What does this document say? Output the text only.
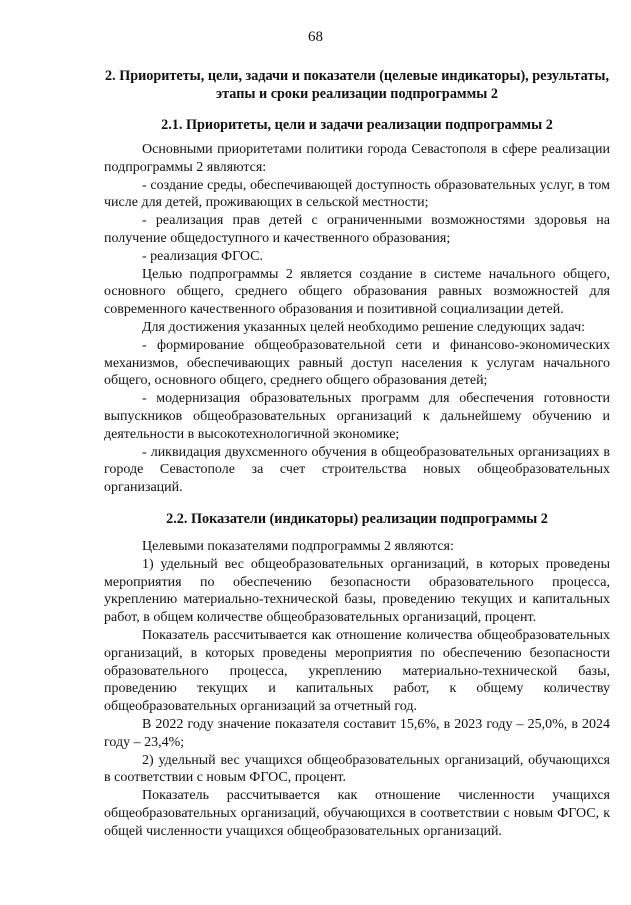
68
2. Приоритеты, цели, задачи и показатели (целевые индикаторы), результаты, этапы и сроки реализации подпрограммы 2
2.1. Приоритеты, цели и задачи реализации подпрограммы 2

Основными приоритетами политики города Севастополя в сфере реализации подпрограммы 2 являются:

- создание среды, обеспечивающей доступность образовательных услуг, в том числе для детей, проживающих в сельской местности;

- реализация прав детей с ограниченными возможностями здоровья на получение общедоступного и качественного образования;

- реализация ФГОС.

Целью подпрограммы 2 является создание в системе начального общего, основного общего, среднего общего образования равных возможностей для современного качественного образования и позитивной социализации детей.

Для достижения указанных целей необходимо решение следующих задач:

- формирование общеобразовательной сети и финансово-экономических механизмов, обеспечивающих равный доступ населения к услугам начального общего, основного общего, среднего общего образования детей;

- модернизация образовательных программ для обеспечения готовности выпускников общеобразовательных организаций к дальнейшему обучению и деятельности в высокотехнологичной экономике;

- ликвидация двухсменного обучения в общеобразовательных организациях в городе Севастополе за счет строительства новых общеобразовательных организаций.

2.2. Показатели (индикаторы) реализации подпрограммы 2

Целевыми показателями подпрограммы 2 являются:

1) удельный вес общеобразовательных организаций, в которых проведены мероприятия по обеспечению безопасности образовательного процесса, укреплению материально-технической базы, проведению текущих и капитальных работ, в общем количестве общеобразовательных организаций, процент.

Показатель рассчитывается как отношение количества общеобразовательных организаций, в которых проведены мероприятия по обеспечению безопасности образовательного процесса, укреплению материально-технической базы, проведению текущих и капитальных работ, к общему количеству общеобразовательных организаций за отчетный год.

В 2022 году значение показателя составит 15,6%, в 2023 году – 25,0%, в 2024 году – 23,4%;

2) удельный вес учащихся общеобразовательных организаций, обучающихся в соответствии с новым ФГОС, процент.

Показатель рассчитывается как отношение численности учащихся общеобразовательных организаций, обучающихся в соответствии с новым ФГОС, к общей численности учащихся общеобразовательных организаций.
